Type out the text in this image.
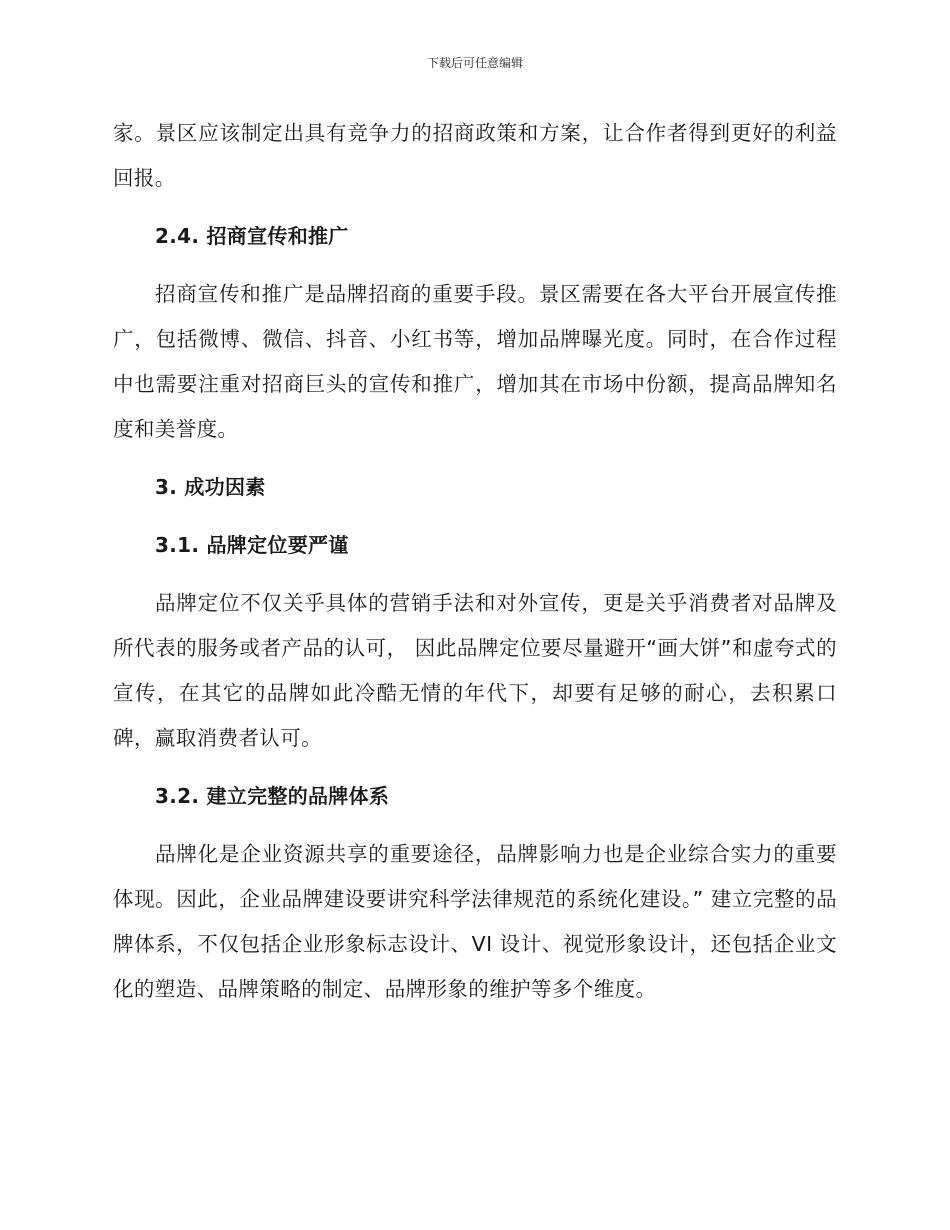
下载后可任意编辑

家。景区应该制定出具有竞争力的招商政策和方案，让合作者得到更好的利益回报。

2.4. 招商宣传和推广

招商宣传和推广是品牌招商的重要手段。景区需要在各大平台开展宣传推广，包括微博、微信、抖音、小红书等，增加品牌曝光度。同时，在合作过程中也需要注重对招商巨头的宣传和推广，增加其在市场中份额，提高品牌知名度和美誉度。

3. 成功因素
3.1. 品牌定位要严谨

品牌定位不仅关乎具体的营销手法和对外宣传，更是关乎消费者对品牌及所代表的服务或者产品的认可， 因此品牌定位要尽量避开“画大饼”和虚夸式的宣传，在其它的品牌如此冷酷无情的年代下，却要有足够的耐心，去积累口碑，赢取消费者认可。

3.2. 建立完整的品牌体系

品牌化是企业资源共享的重要途径，品牌影响力也是企业综合实力的重要体现。因此，企业品牌建设要讲究科学法律规范的系统化建设。” 建立完整的品牌体系，不仅包括企业形象标志设计、VI 设计、视觉形象设计，还包括企业文化的塑造、品牌策略的制定、品牌形象的维护等多个维度。
